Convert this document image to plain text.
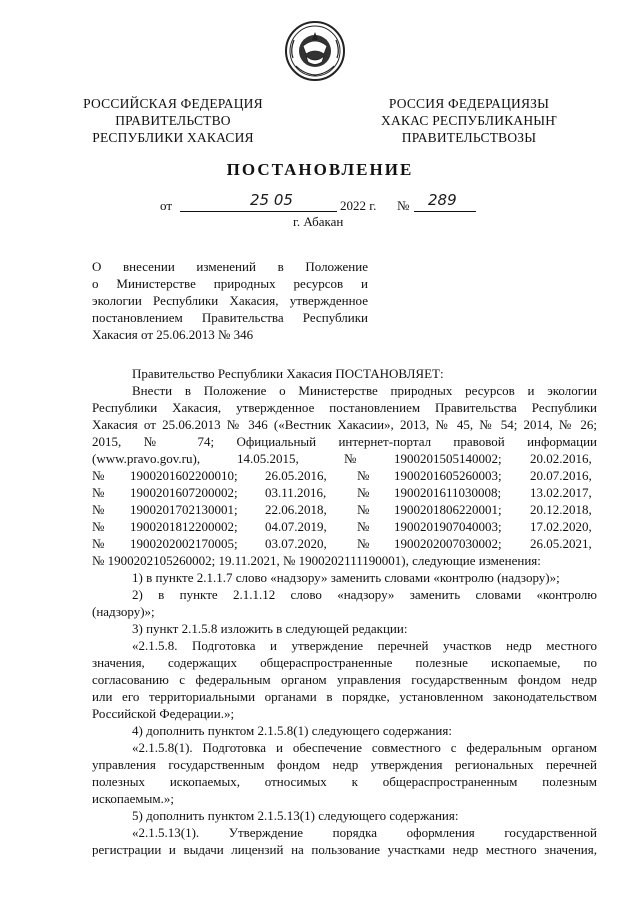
РОССИЙСКАЯ ФЕДЕРАЦИЯ
ПРАВИТЕЛЬСТВО
РЕСПУБЛИКИ ХАКАСИЯ
РОССИЯ ФЕДЕРАЦИЯЗЫ
ХАКАС РЕСПУБЛИКАНЫҤ
ПРАВИТЕЛЬСТВОЗЫ
ПОСТАНОВЛЕНИЕ
от	25 05	2022 г. № 289
г. Абакан
О внесении изменений в Положение
о Министерстве природных ресурсов и
экологии Республики Хакасия, утвержденное
постановлением Правительства Республики
Хакасия от 25.06.2013 № 346
Правительство Республики Хакасия ПОСТАНОВЛЯЕТ:
Внести в Положение о Министерстве природных ресурсов и экологии
Республики Хакасия, утвержденное постановлением Правительства Республики
Хакасия от 25.06.2013 № 346 («Вестник Хакасии», 2013, № 45, № 54; 2014, № 26;
2015, № 74; Официальный интернет-портал правовой информации
(www.pravo.gov.ru),	14.05.2015,	№	1900201505140002; 20.02.2016,
№ 1900201602200010; 26.05.2016, № 1900201605260003; 20.07.2016,
№ 1900201607200002; 03.11.2016, № 1900201611030008; 13.02.2017,
№ 1900201702130001; 22.06.2018, № 1900201806220001; 20.12.2018,
№ 1900201812200002; 04.07.2019, № 1900201907040003; 17.02.2020,
№ 1900202002170005; 03.07.2020, № 1900202007030002; 26.05.2021,
№ 1900202105260002; 19.11.2021, № 1900202111190001), следующие изменения:
1) в пункте 2.1.1.7 слово «надзору» заменить словами «контролю (надзору)»;
2) в пункте 2.1.1.12 слово «надзору» заменить словами «контролю
(надзору)»;
3) пункт 2.1.5.8 изложить в следующей редакции:
«2.1.5.8. Подготовка и утверждение перечней участков недр местного
значения, содержащих общераспространенные полезные ископаемые, по
согласованию с федеральным органом управления государственным фондом недр
или его территориальными органами в порядке, установленном законодательством
Российской Федерации.»;
4) дополнить пунктом 2.1.5.8(1) следующего содержания:
«2.1.5.8(1). Подготовка и обеспечение совместного с федеральным органом
управления государственным фондом недр утверждения региональных перечней
полезных ископаемых, относимых к общераспространенным полезным
ископаемым.»;
5) дополнить пунктом 2.1.5.13(1) следующего содержания:
«2.1.5.13(1). Утверждение порядка оформления государственной
регистрации и выдачи лицензий на пользование участками недр местного значения,
